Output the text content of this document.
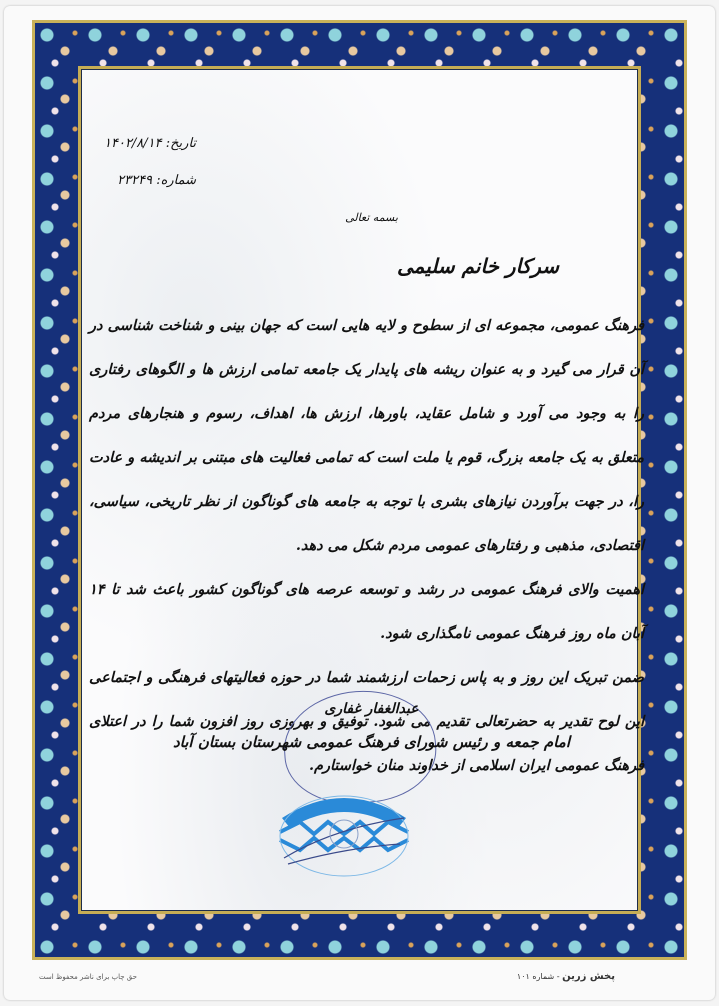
تاریخ: ۱۴۰۲/۸/۱۴
شماره: ۲۳۲۴۹
بسمه تعالی
سرکار خانم سلیمی

فرهنگ عمومی، مجموعه ای از سطوح و لایه هایی است که جهان بینی و شناخت شناسی در آن قرار می گیرد و به عنوان ریشه های پایدار یک جامعه تمامی ارزش ها و الگوهای رفتاری را به وجود می آورد و شامل عقاید، باورها، ارزش ها، اهداف، رسوم و هنجارهای مردم متعلق به یک جامعه بزرگ، قوم یا ملت است که تمامی فعالیت های مبتنی بر اندیشه و عادت را، در جهت برآوردن نیازهای بشری با توجه به جامعه های گوناگون از نظر تاریخی، سیاسی، اقتصادی، مذهبی و رفتارهای عمومی مردم شکل می دهد.

اهمیت والای فرهنگ عمومی در رشد و توسعه عرصه های گوناگون کشور باعث شد تا ۱۴ آبان ماه روز فرهنگ عمومی نامگذاری شود.

ضمن تبریک این روز و به پاس زحمات ارزشمند شما در حوزه فعالیتهای فرهنگی و اجتماعی این لوح تقدیر به حضرتعالی تقدیم می شود. توفیق و بهروزی روز افزون شما را در اعتلای فرهنگ عمومی ایران اسلامی از خداوند منان خواستارم.

عبدالغفار غفاری
امام جمعه و رئیس شورای فرهنگ عمومی شهرستان بستان آباد
پخش زرین - شماره ۱۰۱
حق چاپ برای ناشر محفوظ است
